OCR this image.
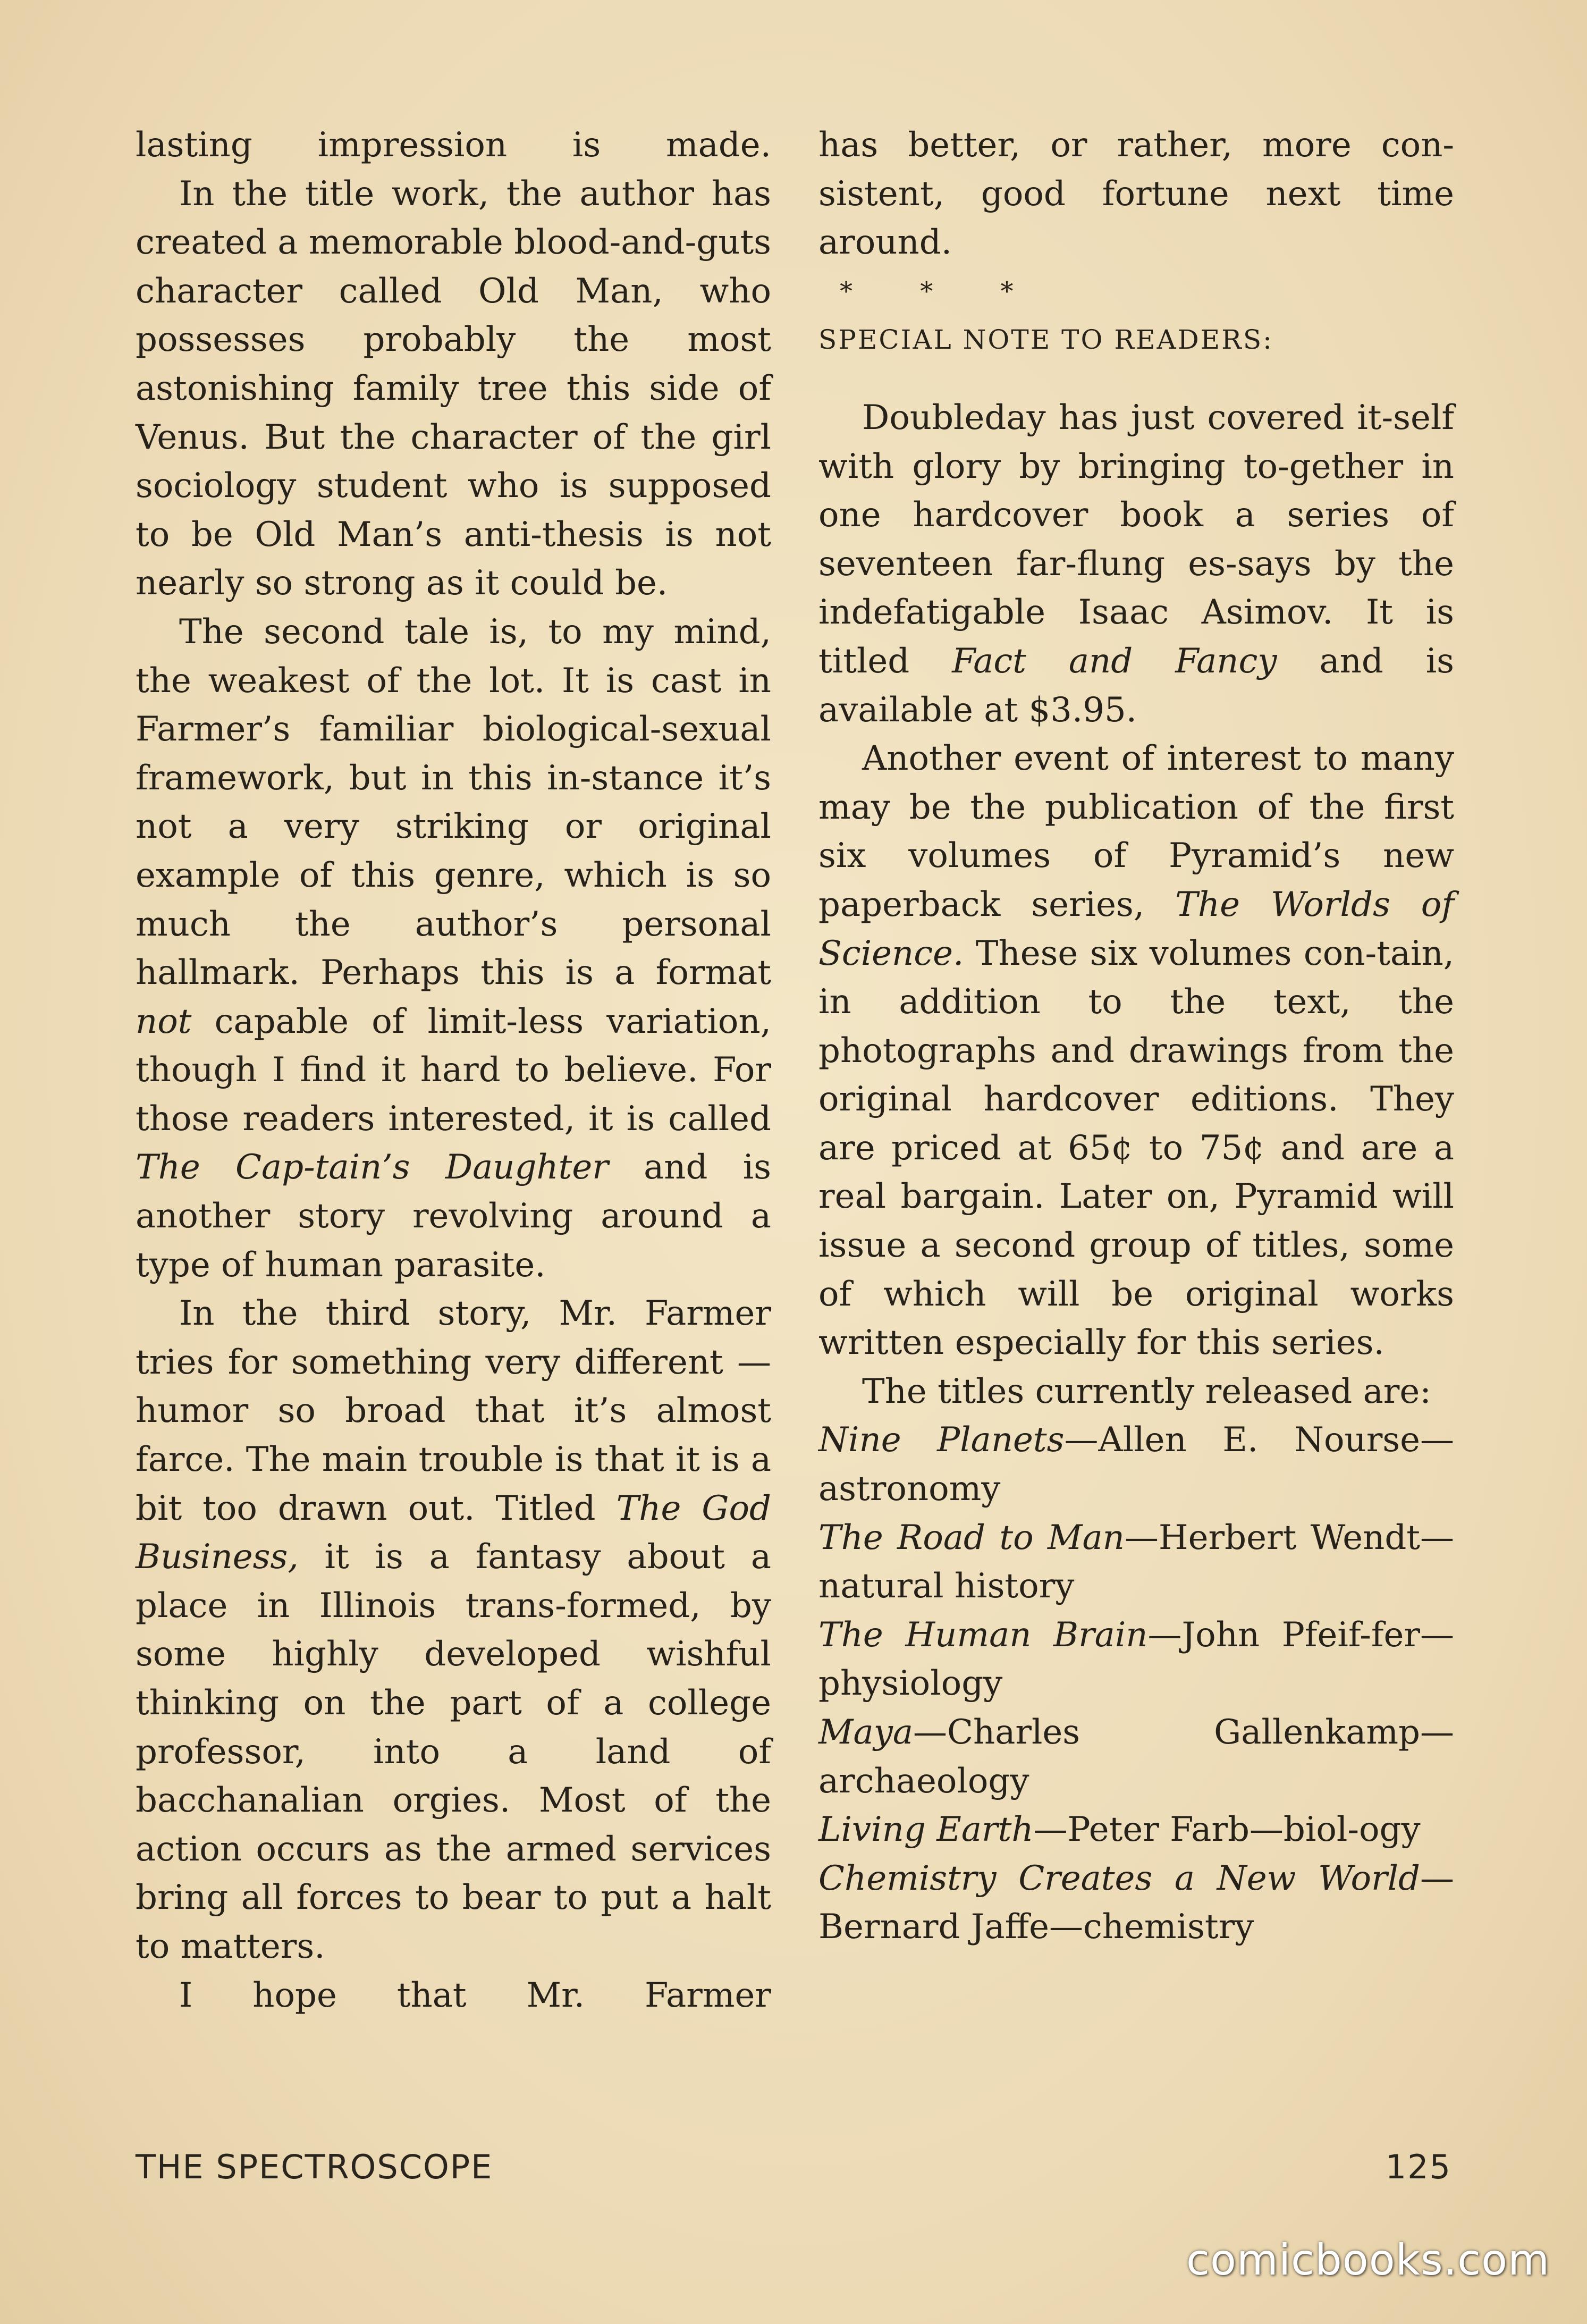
lasting impression is made.

In the title work, the author has created a memorable blood-and-guts character called Old Man, who possesses probably the most astonishing family tree this side of Venus. But the character of the girl sociology student who is supposed to be Old Man’s anti-thesis is not nearly so strong as it could be.

The second tale is, to my mind, the weakest of the lot. It is cast in Farmer’s familiar biological-sexual framework, but in this in-stance it’s not a very striking or original example of this genre, which is so much the author’s personal hallmark. Perhaps this is a format not capable of limit-less variation, though I find it hard to believe. For those readers interested, it is called The Cap-tain’s Daughter and is another story revolving around a type of human parasite.

In the third story, Mr. Farmer tries for something very different —humor so broad that it’s almost farce. The main trouble is that it is a bit too drawn out. Titled The God Business, it is a fantasy about a place in Illinois trans-formed, by some highly developed wishful thinking on the part of a college professor, into a land of bacchanalian orgies. Most of the action occurs as the armed services bring all forces to bear to put a halt to matters.

I hope that Mr. Farmer

has better, or rather, more con-sistent, good fortune next time around.

* * *

SPECIAL NOTE TO READERS:

Doubleday has just covered it-self with glory by bringing to-gether in one hardcover book a series of seventeen far-flung es-says by the indefatigable Isaac Asimov. It is titled Fact and Fancy and is available at $3.95.

Another event of interest to many may be the publication of the first six volumes of Pyramid’s new paperback series, The Worlds of Science. These six volumes con-tain, in addition to the text, the photographs and drawings from the original hardcover editions. They are priced at 65¢ to 75¢ and are a real bargain. Later on, Pyramid will issue a second group of titles, some of which will be original works written especially for this series.

The titles currently released are:

Nine Planets—Allen E. Nourse—astronomy

The Road to Man—Herbert Wendt—natural history

The Human Brain—John Pfeif-fer—physiology

Maya—Charles Gallenkamp—archaeology

Living Earth—Peter Farb—biol-ogy

Chemistry Creates a New World—Bernard Jaffe—chemistry

THE SPECTROSCOPE	125
comicbooks.com
